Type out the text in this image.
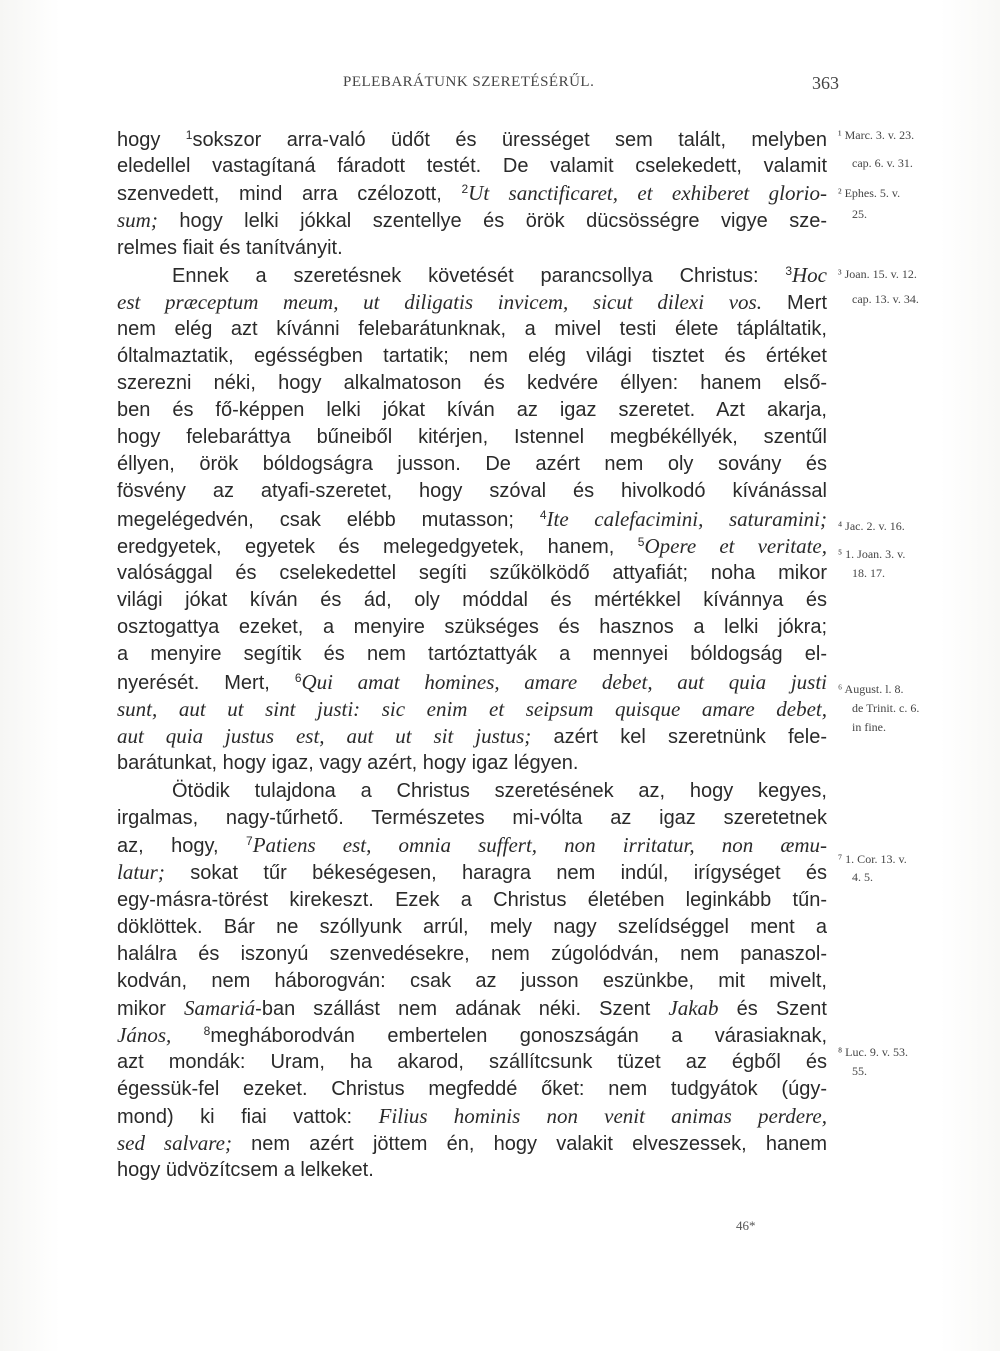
PELEBARÁTUNK SZERETÉSÉRŰL.	363
hogy $^1$sokszor arra-való üdőt és ürességet sem talált, melyben
eledellel vastagítaná fáradott testét. De valamit cselekedett, valamit
szenvedett, mind arra czélozott, $^2$Ut sanctificaret, et exhiberet glorio-
sum; hogy lelki jókkal szentellye és örök dücsösségre vigye sze-
relmes fiait és tanítványit.
Ennek a szeretésnek követését parancsollya Christus: $^3$Hoc
est præceptum meum, ut diligatis invicem, sicut dilexi vos. Mert
nem elég azt kívánni felebarátunknak, a mivel testi élete tápláltatik,
óltalmaztatik, egésségben tartatik; nem elég világi tisztet és értéket
szerezni néki, hogy alkalmatoson és kedvére éllyen: hanem első-
ben és fő-képpen lelki jókat kíván az igaz szeretet. Azt akarja,
hogy felebaráttya bűneiből kitérjen, Istennel megbékéllyék, szentűl
éllyen, örök bóldogságra jusson. De azért nem oly sovány és
fösvény az atyafi-szeretet, hogy szóval és hivolkodó kívánással
megelégedvén, csak elébb mutasson; $^4$Ite calefacimini, saturamini;
eredgyetek, egyetek és melegedgyetek, hanem, $^5$Opere et veritate,
valósággal és cselekedettel segíti szűkölködő attyafiát; noha mikor
világi jókat kíván és ád, oly móddal és mértékkel kívánnya és
osztogattya ezeket, a menyire szükséges és hasznos a lelki jókra;
a menyire segítik és nem tartóztattyák a mennyei bóldogság el-
nyerését. Mert, $^6$Qui amat homines, amare debet, aut quia justi
sunt, aut ut sint justi: sic enim et seipsum quisque amare debet,
aut quia justus est, aut ut sit justus; azért kel szeretnünk fele-
barátunkat, hogy igaz, vagy azért, hogy igaz légyen.
Ötödik tulajdona a Christus szeretésének az, hogy kegyes,
irgalmas, nagy-tűrhető. Természetes mi-vólta az igaz szeretetnek
az, hogy, $^7$Patiens est, omnia suffert, non irritatur, non æmu-
latur; sokat tűr békeségesen, haragra nem indúl, irígységet és
egy-másra-törést kirekeszt. Ezek a Christus életében leginkább tűn-
döklöttek. Bár ne szóllyunk arrúl, mely nagy szelídséggel ment a
halálra és iszonyú szenvedésekre, nem zúgolódván, nem panaszol-
kodván, nem háborogván: csak az jusson eszünkbe, mit mivelt,
mikor Samariá-ban szállást nem adának néki. Szent Jakab és Szent
János,	$^8$megháborodván embertelen gonoszságán a várasiaknak,
azt mondák: Uram, ha akarod, szállítcsunk tüzet az égből és
égessük-fel ezeket. Christus megfeddé őket: nem tudgyátok (úgy-
mond) ki fiai vattok: Filius hominis non venit animas perdere,
sed salvare; nem azért jöttem én, hogy valakit elveszessek, hanem
hogy üdvözítcsem a lelkeket.
¹ Marc. 3. v. 23.
cap. 6. v. 31.
² Ephes. 5. v.
25.
³ Joan. 15. v. 12.
cap. 13. v. 34.
⁴ Jac. 2. v. 16.
⁵ 1. Joan. 3. v.
18. 17.
⁶ August. l. 8.
de Trinit. c. 6.
in fine.
⁷ 1. Cor. 13. v.
4. 5.
⁸ Luc. 9. v. 53.
55.
46*
